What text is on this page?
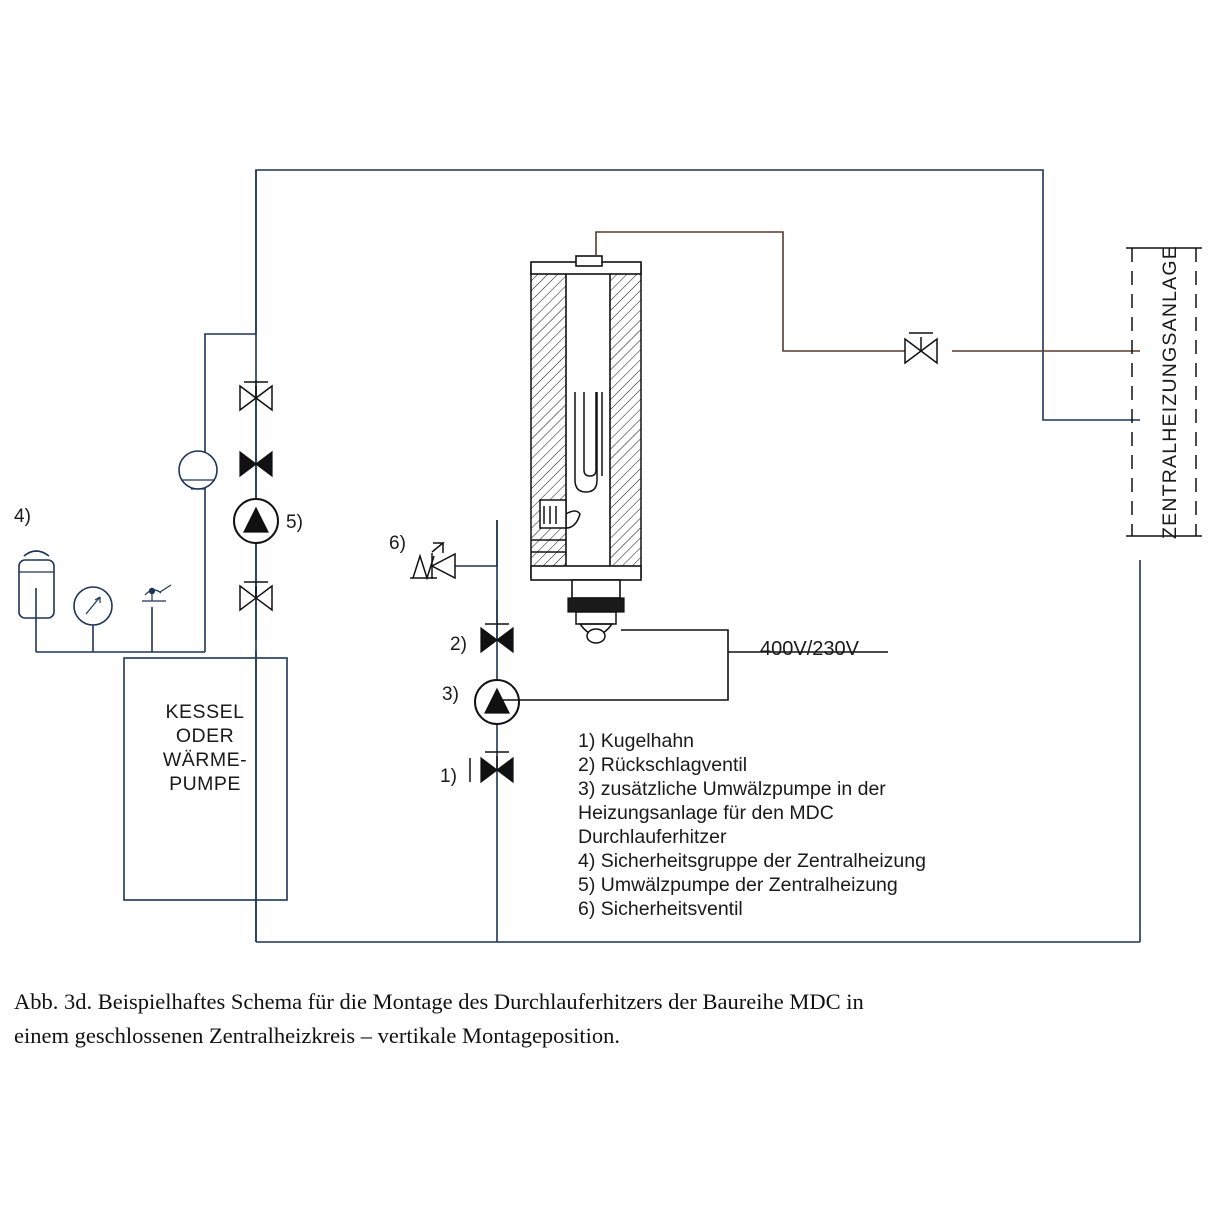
KESSEL
ODER
WÄRME-
PUMPE
4)	5)	ZENTRALHEIZUNGSANLAGE
6)
2)
3)
1)
400V/230V
1) Kugelhahn
2) Rückschlagventil
3) zusätzliche Umwälzpumpe in der
Heizungsanlage für den MDC
Durchlauferhitzer
4) Sicherheitsgruppe der Zentralheizung
5) Umwälzpumpe der Zentralheizung
6) Sicherheitsventil
Abb. 3d. Beispielhaftes Schema für die Montage des Durchlauferhitzers der Baureihe MDC in
einem geschlossenen Zentralheizkreis – vertikale Montageposition.
